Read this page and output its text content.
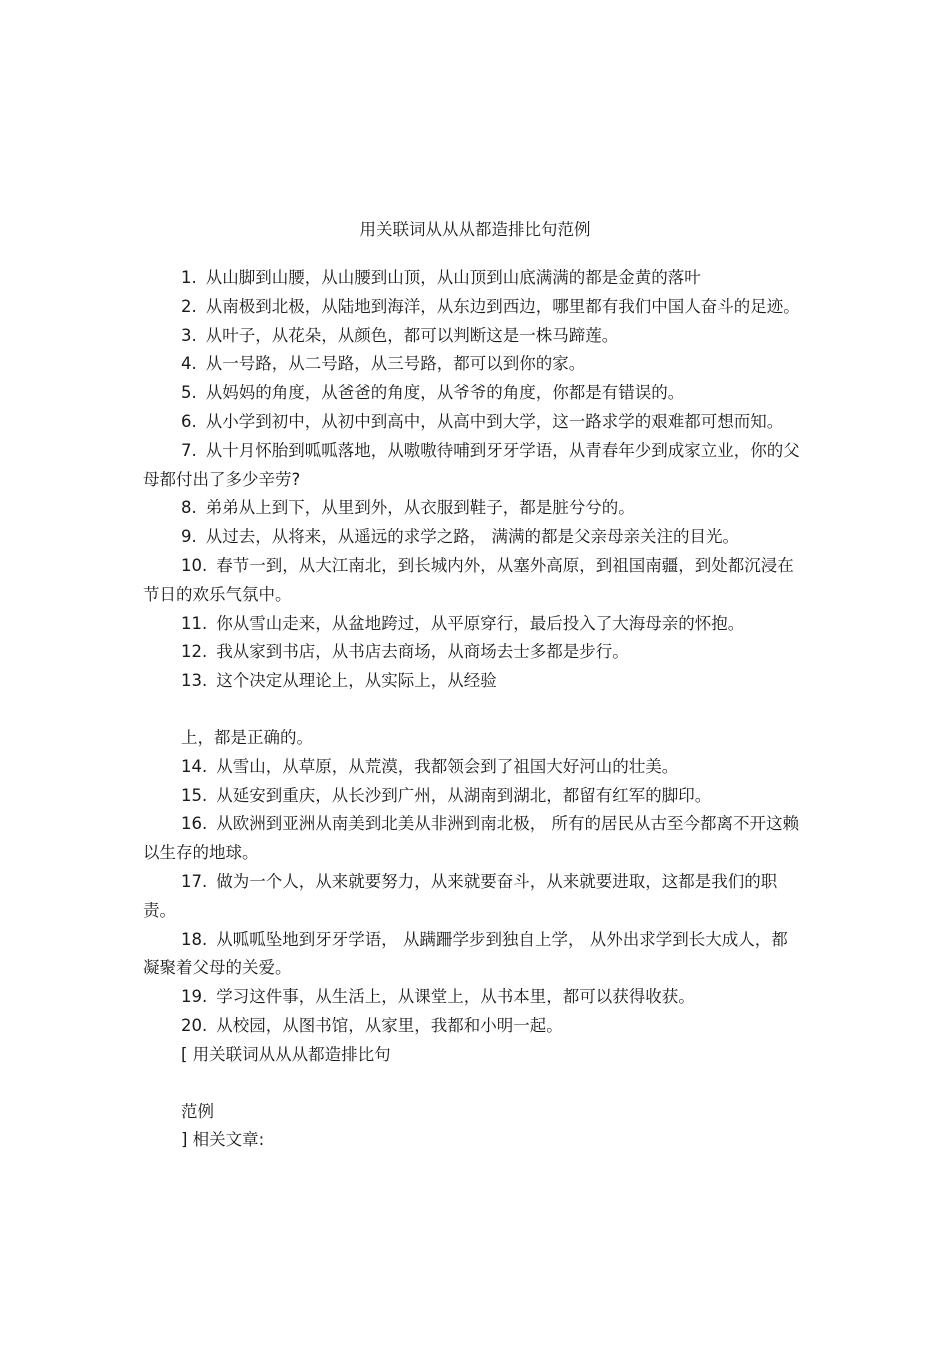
用关联词从从从都造排比句范例
1. 从山脚到山腰，从山腰到山顶，从山顶到山底满满的都是金黄的落叶
2. 从南极到北极，从陆地到海洋，从东边到西边，哪里都有我们中国人奋斗的足迹。
3. 从叶子，从花朵，从颜色，都可以判断这是一株马蹄莲。
4. 从一号路，从二号路，从三号路，都可以到你的家。
5. 从妈妈的角度，从爸爸的角度，从爷爷的角度，你都是有错误的。
6. 从小学到初中，从初中到高中，从高中到大学，这一路求学的艰难都可想而知。
7. 从十月怀胎到呱呱落地，从嗷嗷待哺到牙牙学语，从青春年少到成家立业，你的父母都付出了多少辛劳?
8. 弟弟从上到下，从里到外，从衣服到鞋子，都是脏兮兮的。
9. 从过去，从将来，从遥远的求学之路， 满满的都是父亲母亲关注的目光。
10. 春节一到，从大江南北，到长城内外，从塞外高原，到祖国南疆，到处都沉浸在节日的欢乐气氛中。
11. 你从雪山走来，从盆地跨过，从平原穿行，最后投入了大海母亲的怀抱。
12. 我从家到书店，从书店去商场，从商场去士多都是步行。
13. 这个决定从理论上，从实际上，从经验
上，都是正确的。
14. 从雪山，从草原，从荒漠，我都领会到了祖国大好河山的壮美。
15. 从延安到重庆，从长沙到广州，从湖南到湖北，都留有红军的脚印。
16. 从欧洲到亚洲从南美到北美从非洲到南北极， 所有的居民从古至今都离不开这赖以生存的地球。
17. 做为一个人，从来就要努力，从来就要奋斗，从来就要进取，这都是我们的职责。
18. 从呱呱坠地到牙牙学语， 从蹒跚学步到独自上学， 从外出求学到长大成人，都凝聚着父母的关爱。
19. 学习这件事，从生活上，从课堂上，从书本里，都可以获得收获。
20. 从校园，从图书馆，从家里，我都和小明一起。
[ 用关联词从从从都造排比句
范例
] 相关文章:
